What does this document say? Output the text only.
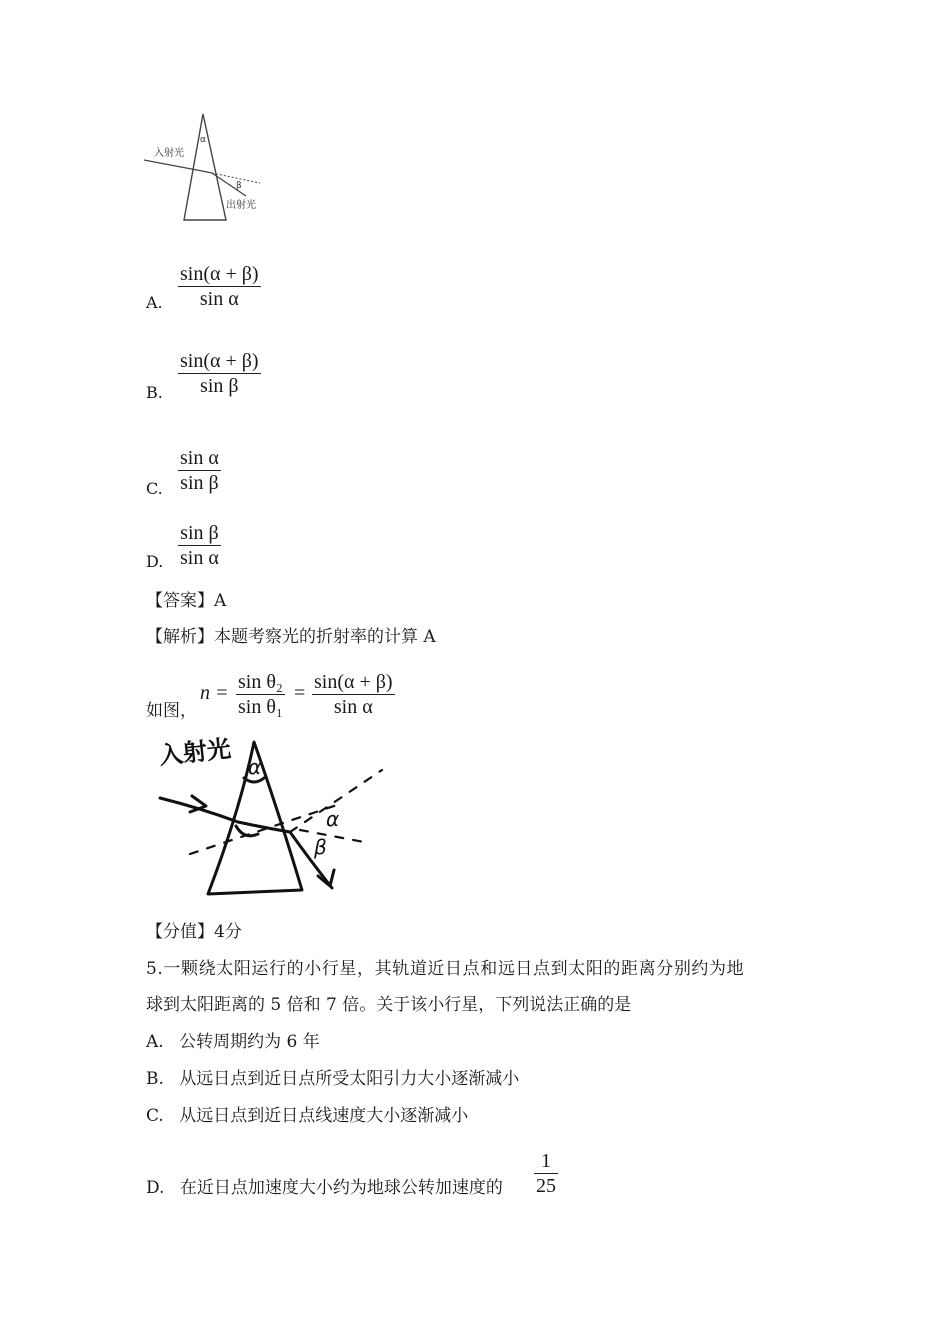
入射光
α
β
出射光
A.
sin(α + β)
sin α
B.
sin(α + β)
sin β
C.
sin α
sin β
D.
sin β
sin α
【答案】A
【解析】本题考察光的折射率的计算 A
如图，
n = sin θ₂
sin θ₁
= sin(α + β)
sin α
入射光 α
α
β
【分值】4分
5.一颗绕太阳运行的小行星，其轨道近日点和远日点到太阳的距离分别约为地
球到太阳距离的 5 倍和 7 倍。关于该小行星，下列说法正确的是
A. 公转周期约为 6 年
B. 从远日点到近日点所受太阳引力大小逐渐减小
C. 从远日点到近日点线速度大小逐渐减小
D. 在近日点加速度大小约为地球公转加速度的
1
25
